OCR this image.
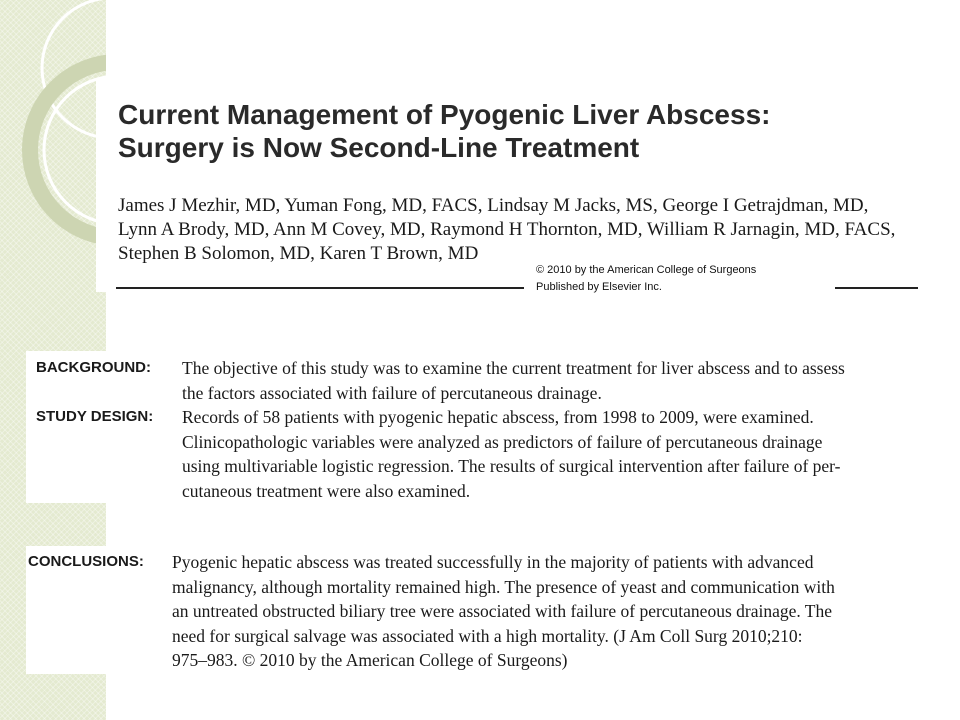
Current Management of Pyogenic Liver Abscess:
Surgery is Now Second-Line Treatment
James J Mezhir, MD, Yuman Fong, MD, FACS, Lindsay M Jacks, MS, George I Getrajdman, MD,
Lynn A Brody, MD, Ann M Covey, MD, Raymond H Thornton, MD, William R Jarnagin, MD, FACS,
Stephen B Solomon, MD, Karen T Brown, MD
© 2010 by the American College of Surgeons
Published by Elsevier Inc.
BACKGROUND: The objective of this study was to examine the current treatment for liver abscess and to assess
the factors associated with failure of percutaneous drainage.
STUDY DESIGN: Records of 58 patients with pyogenic hepatic abscess, from 1998 to 2009, were examined.
Clinicopathologic variables were analyzed as predictors of failure of percutaneous drainage
using multivariable logistic regression. The results of surgical intervention after failure of per-
cutaneous treatment were also examined.
CONCLUSIONS: Pyogenic hepatic abscess was treated successfully in the majority of patients with advanced
malignancy, although mortality remained high. The presence of yeast and communication with
an untreated obstructed biliary tree were associated with failure of percutaneous drainage. The
need for surgical salvage was associated with a high mortality. (J Am Coll Surg 2010;210:
975–983. © 2010 by the American College of Surgeons)
